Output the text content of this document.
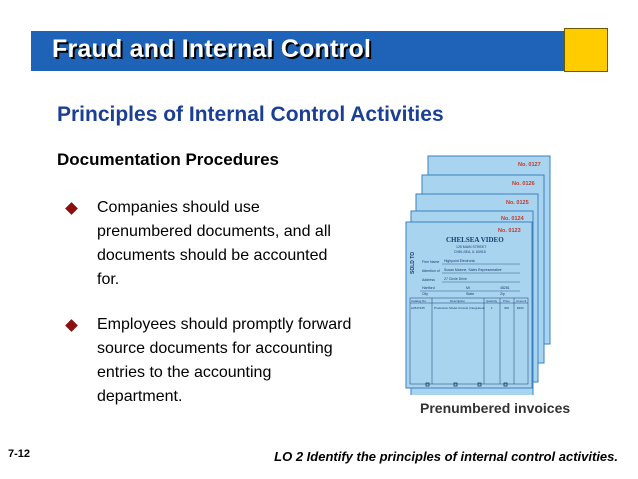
Fraud and Internal Control
Principles of Internal Control Activities
Documentation Procedures
Companies should use prenumbered documents, and all documents should be accounted for.
Employees should promptly forward source documents for accounting entries to the accounting department.
No. 0127
No. 0126
No. 0125
No. 0124
No. 0123
CHELSEA VIDEO
125 MAIN STREET
CHELSEA, IL 60915
Firm Name Highpoint Electronic
Attention of Susan Malone, Sales Representative
Address	27 Circle Drive
Hartford	MI	48281
City	State	Zip
SOLD TO
Catalog No.	Description	Quantity Price Amount
A2547Z45	Production Model Circuits (Integrated) 1	300	$300
Prenumbered invoices
7-12	LO 2 Identify the principles of internal control activities.
